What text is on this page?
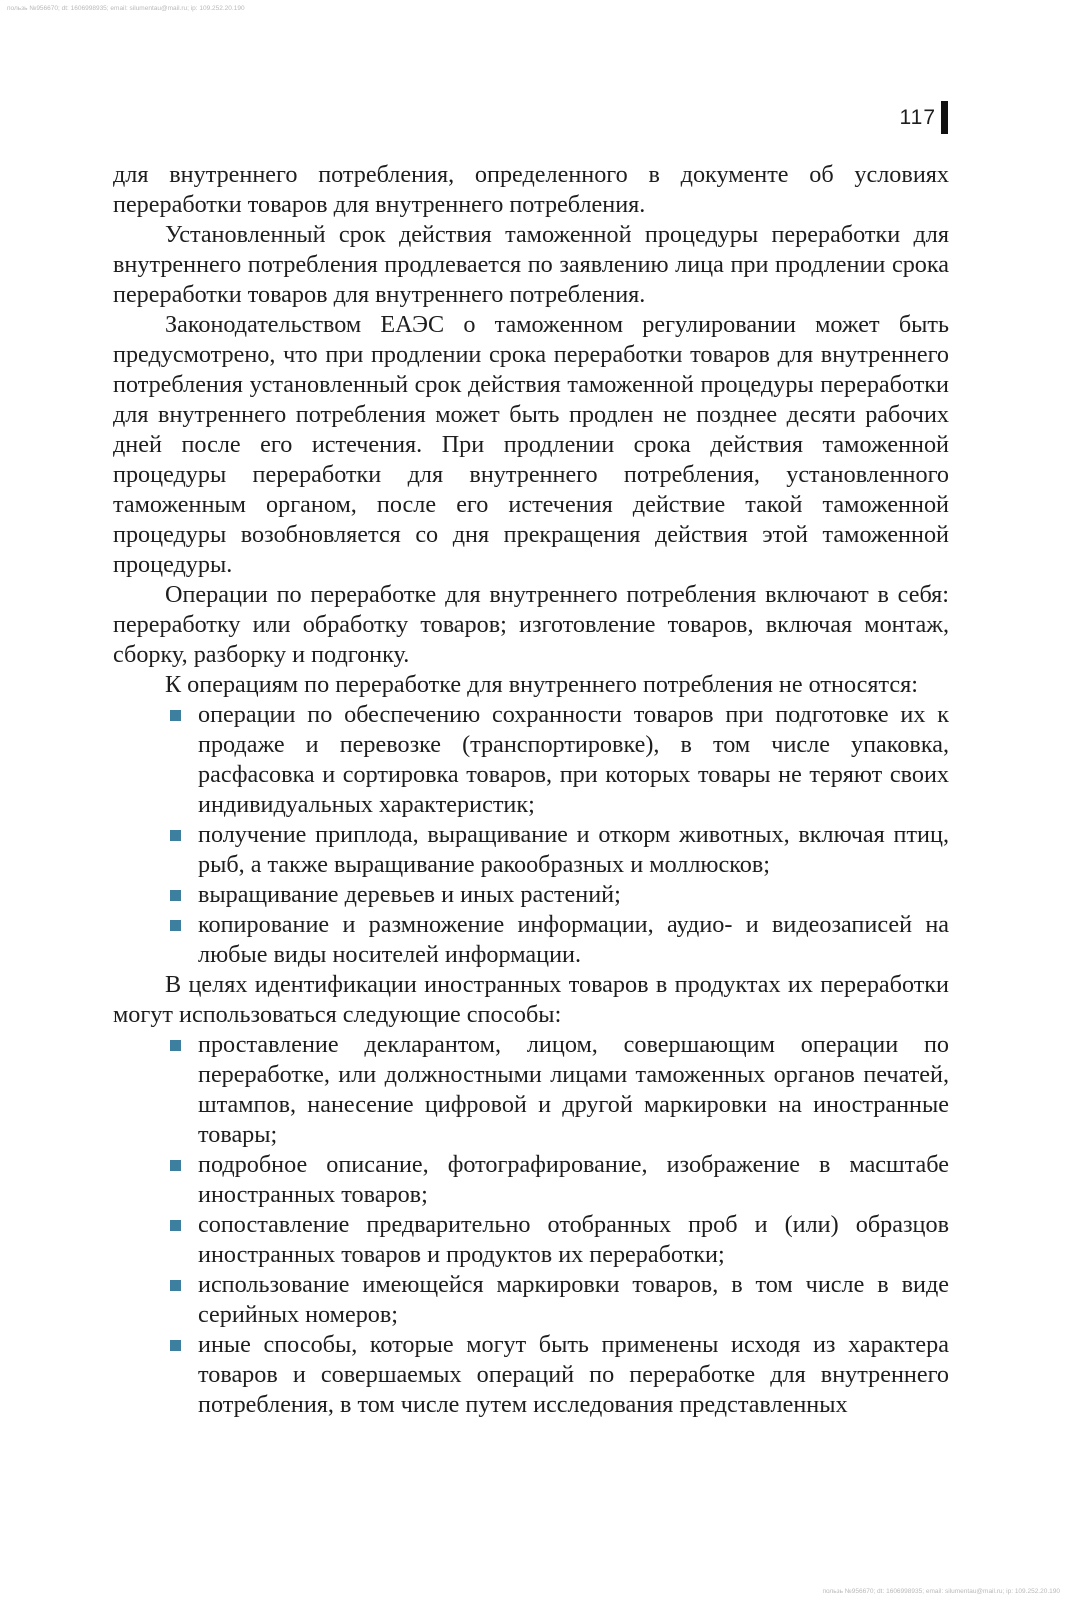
пользь №956670; dt: 1606998935; email: silumentau@mail.ru; ip: 109.252.20.190
117

для внутреннего потребления, определенного в документе об условиях переработки товаров для внутреннего потребления.

Установленный срок действия таможенной процедуры переработки для внутреннего потребления продлевается по заявлению лица при продлении срока переработки товаров для внутреннего потребления.

Законодательством ЕАЭС о таможенном регулировании может быть предусмотрено, что при продлении срока переработки товаров для внутреннего потребления установленный срок действия таможенной процедуры переработки для внутреннего потребления может быть продлен не позднее десяти рабочих дней после его истечения. При продлении срока действия таможенной процедуры переработки для внутреннего потребления, установленного таможенным органом, после его истечения действие такой таможенной процедуры возобновляется со дня прекращения действия этой таможенной процедуры.

Операции по переработке для внутреннего потребления включают в себя: переработку или обработку товаров; изготовление товаров, включая монтаж, сборку, разборку и подгонку.

К операциям по переработке для внутреннего потребления не относятся:

операции по обеспечению сохранности товаров при подготовке их к продаже и перевозке (транспортировке), в том числе упаковка, расфасовка и сортировка товаров, при которых товары не теряют своих индивидуальных характеристик;
получение приплода, выращивание и откорм животных, включая птиц, рыб, а также выращивание ракообразных и моллюсков;
выращивание деревьев и иных растений;
копирование и размножение информации, аудио- и видеозаписей на любые виды носителей информации.

В целях идентификации иностранных товаров в продуктах их переработки могут использоваться следующие способы:

проставление декларантом, лицом, совершающим операции по переработке, или должностными лицами таможенных органов печатей, штампов, нанесение цифровой и другой маркировки на иностранные товары;
подробное описание, фотографирование, изображение в масштабе иностранных товаров;
сопоставление предварительно отобранных проб и (или) образцов иностранных товаров и продуктов их переработки;
использование имеющейся маркировки товаров, в том числе в виде серийных номеров;
иные способы, которые могут быть применены исходя из характера товаров и совершаемых операций по переработке для внутреннего потребления, в том числе путем исследования представленных
пользь №956670; dt: 1606998935; email: silumentau@mail.ru; ip: 109.252.20.190
